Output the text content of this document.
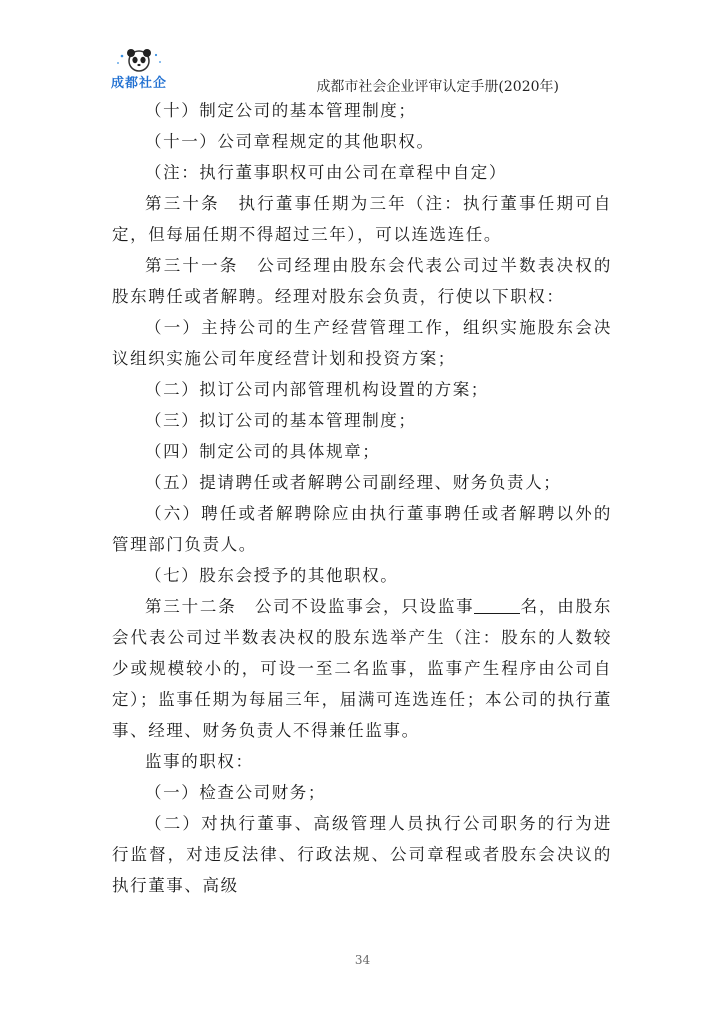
成都社企	成都市社会企业评审认定手册(2020年)
（十）制定公司的基本管理制度；
（十一）公司章程规定的其他职权。
（注：执行董事职权可由公司在章程中自定）
第三十条　执行董事任期为三年（注：执行董事任期可自定，但每届任期不得超过三年），可以连选连任。
第三十一条　公司经理由股东会代表公司过半数表决权的股东聘任或者解聘。经理对股东会负责，行使以下职权：
（一）主持公司的生产经营管理工作，组织实施股东会决议组织实施公司年度经营计划和投资方案；
（二）拟订公司内部管理机构设置的方案；
（三）拟订公司的基本管理制度；
（四）制定公司的具体规章；
（五）提请聘任或者解聘公司副经理、财务负责人；
（六）聘任或者解聘除应由执行董事聘任或者解聘以外的管理部门负责人。
（七）股东会授予的其他职权。
第三十二条　公司不设监事会，只设监事	名，由股东会代表公司过半数表决权的股东选举产生（注：股东的人数较少或规模较小的，可设一至二名监事，监事产生程序由公司自定）；监事任期为每届三年，届满可连选连任；本公司的执行董事、经理、财务负责人不得兼任监事。
监事的职权：
（一）检查公司财务；
（二）对执行董事、高级管理人员执行公司职务的行为进行监督，对违反法律、行政法规、公司章程或者股东会决议的执行董事、高级
34
